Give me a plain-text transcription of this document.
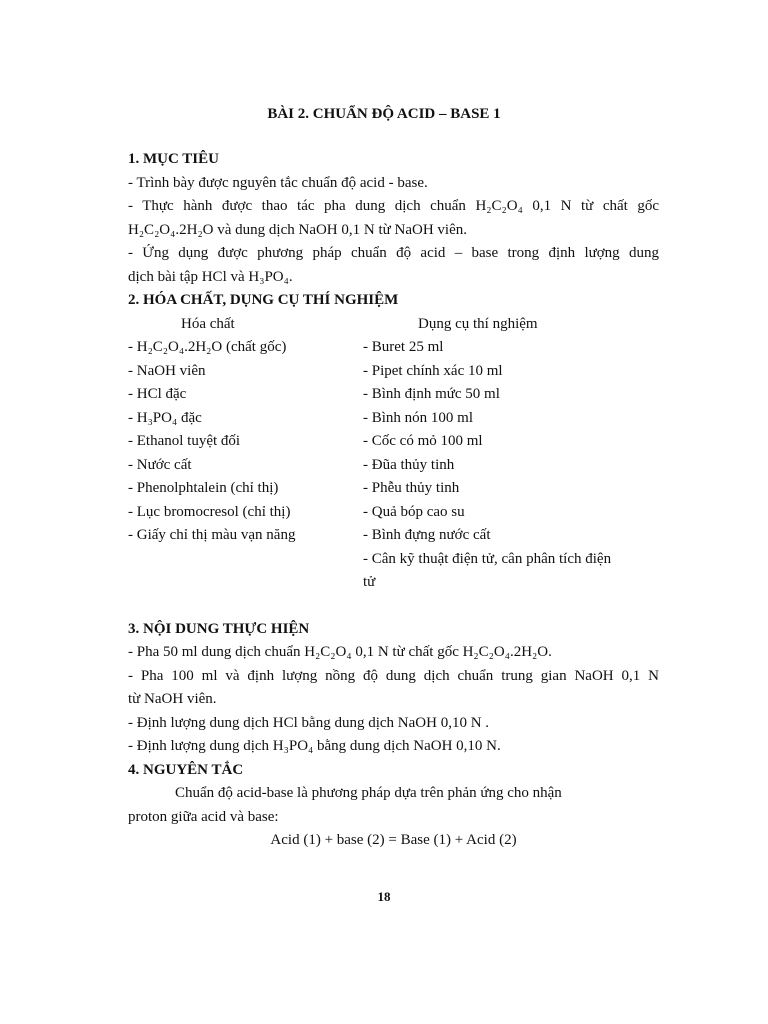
BÀI 2. CHUẨN ĐỘ ACID – BASE 1
1. MỤC TIÊU
- Trình bày được nguyên tắc chuẩn độ acid - base.
- Thực hành được thao tác pha dung dịch chuẩn H₂C₂O₄ 0,1 N từ chất gốc
H₂C₂O₄.2H₂O và dung dịch NaOH 0,1 N từ NaOH viên.
- Ứng dụng được phương pháp chuẩn độ acid – base trong định lượng dung
dịch bài tập HCl và H₃PO₄.
2. HÓA CHẤT, DỤNG CỤ THÍ NGHIỆM
Hóa chất
- H₂C₂O₄.2H₂O (chất gốc)
- NaOH viên
- HCl đặc
- H₃PO₄ đặc
- Ethanol tuyệt đối
- Nước cất
- Phenolphtalein (chỉ thị)
- Lục bromocresol (chỉ thị)
- Giấy chỉ thị màu vạn năng
Dụng cụ thí nghiệm
- Buret 25 ml
- Pipet chính xác 10 ml
- Bình định mức 50 ml
- Bình nón 100 ml
- Cốc có mỏ 100 ml
- Đũa thủy tinh
- Phễu thủy tinh
- Quả bóp cao su
- Bình đựng nước cất
- Cân kỹ thuật điện tử, cân phân tích điện
tử
3. NỘI DUNG THỰC HIỆN
- Pha 50 ml dung dịch chuẩn H₂C₂O₄ 0,1 N từ chất gốc H₂C₂O₄.2H₂O.
- Pha 100 ml và định lượng nồng độ dung dịch chuẩn trung gian NaOH 0,1 N
từ NaOH viên.
- Định lượng dung dịch HCl bằng dung dịch NaOH 0,10 N .
- Định lượng dung dịch H₃PO₄ bằng dung dịch NaOH 0,10 N.
4. NGUYÊN TẮC
Chuẩn độ acid-base là phương pháp dựa trên phản ứng cho nhận
proton giữa acid và base:
Acid (1) + base (2) = Base (1) + Acid (2)
18
